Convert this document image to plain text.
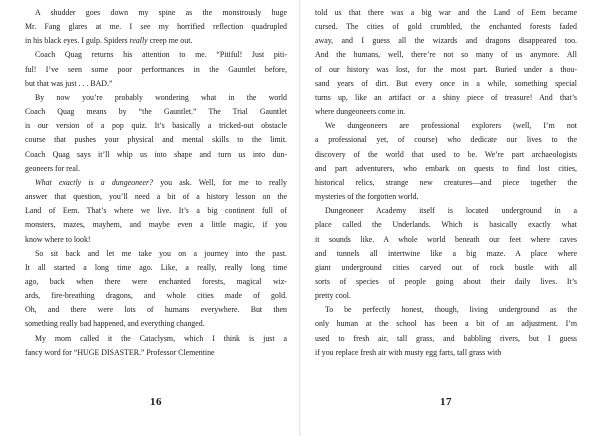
A shudder goes down my spine as the monstrously huge
Mr. Fang glares at me. I see my horrified reflection quadrupled
in his black eyes. I gulp. Spiders really creep me out.

Coach Quag returns his attention to me. “Pitiful! Just piti-
ful! I’ve seen some poor performances in the Gauntlet before,
but that was just . . . BAD.”

By now you’re probably wondering what in the world
Coach Quag means by “the Gauntlet.” The Trial Gauntlet
is our version of a pop quiz. It’s basically a tricked-out obstacle
course that pushes your physical and mental skills to the limit.
Coach Quag says it’ll whip us into shape and turn us into dun-
geoneers for real.

What exactly is a dungeoneer? you ask. Well, for me to really
answer that question, you’ll need a bit of a history lesson on the
Land of Eem. That’s where we live. It’s a big continent full of
monsters, mazes, mayhem, and maybe even a little magic, if you
know where to look!

So sit back and let me take you on a journey into the past.
It all started a long time ago. Like, a really, really long time
ago, back when there were enchanted forests, magical wiz-
ards, fire-breathing dragons, and whole cities made of gold.
Oh, and there were lots of humans everywhere. But then
something really bad happened, and everything changed.

My mom called it the Cataclysm, which I think is just a
fancy word for “HUGE DISASTER.” Professor Clementine

16

told us that there was a big war and the Land of Eem became
cursed. The cities of gold crumbled, the enchanted forests faded
away, and I guess all the wizards and dragons disappeared too.
And the humans, well, there’re not so many of us anymore. All
of our history was lost, for the most part. Buried under a thou-
sand years of dirt. But every once in a while, something special
turns up, like an artifact or a shiny piece of treasure! And that’s
where dungeoneers come in.

We dungeoneers are professional explorers (well, I’m not
a professional yet, of course) who dedicate our lives to the
discovery of the world that used to be. We’re part archaeologists
and part adventurers, who embark on quests to find lost cities,
historical relics, strange new creatures—and piece together the
mysteries of the forgotten world.

Dungeoneer Academy itself is located underground in a
place called the Underlands. Which is basically exactly what
it sounds like. A whole world beneath our feet where caves
and tunnels all intertwine like a big maze. A place where
giant underground cities carved out of rock bustle with all
sorts of species of people going about their daily lives. It’s
pretty cool.

To be perfectly honest, though, living underground as the
only human at the school has been a bit of an adjustment. I’m
used to fresh air, tall grass, and babbling rivers, but I guess
if you replace fresh air with musty egg farts, tall grass with

17
